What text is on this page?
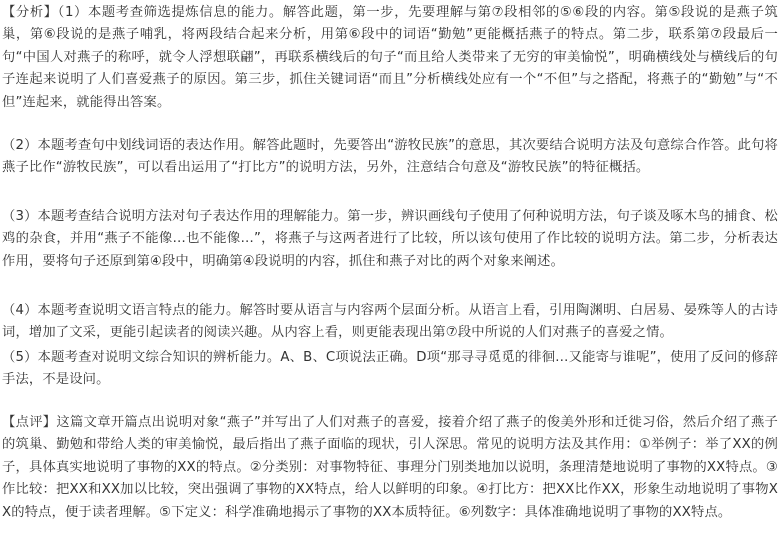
【分析】（1）本题考查筛选提炼信息的能力。解答此题，第一步，先要理解与第⑦段相邻的⑤⑥段的内容。第⑤段说的是燕子筑巢，第⑥段说的是燕子哺乳，将两段结合起来分析，用第⑥段中的词语“勤勉”更能概括燕子的特点。第二步，联系第⑦段最后一句“中国人对燕子的称呼，就令人浮想联翩”，再联系横线后的句子“而且给人类带来了无穷的审美愉悦”，明确横线处与横线后的句子连起来说明了人们喜爱燕子的原因。第三步，抓住关键词语“而且”分析横线处应有一个“不但”与之搭配，将燕子的“勤勉”与“不但”连起来，就能得出答案。

（2）本题考查句中划线词语的表达作用。解答此题时，先要答出“游牧民族”的意思，其次要结合说明方法及句意综合作答。此句将燕子比作“游牧民族”，可以看出运用了“打比方”的说明方法，另外，注意结合句意及“游牧民族”的特征概括。

（3）本题考查结合说明方法对句子表达作用的理解能力。第一步，辨识画线句子使用了何种说明方法，句子谈及啄木鸟的捕食、松鸡的杂食，并用“燕子不能像…也不能像…”，将燕子与这两者进行了比较，所以该句使用了作比较的说明方法。第二步，分析表达作用，要将句子还原到第④段中，明确第④段说明的内容，抓住和燕子对比的两个对象来阐述。

（4）本题考查说明文语言特点的能力。解答时要从语言与内容两个层面分析。从语言上看，引用陶渊明、白居易、晏殊等人的古诗词，增加了文采，更能引起读者的阅读兴趣。从内容上看，则更能表现出第⑦段中所说的人们对燕子的喜爱之情。

（5）本题考查对说明文综合知识的辨析能力。A、B、C项说法正确。D项“那寻寻觅觅的徘徊…又能寄与谁呢”，使用了反问的修辞手法，不是设问。

【点评】这篇文章开篇点出说明对象“燕子”并写出了人们对燕子的喜爱，接着介绍了燕子的俊美外形和迁徙习俗，然后介绍了燕子的筑巢、勤勉和带给人类的审美愉悦，最后指出了燕子面临的现状，引人深思。常见的说明方法及其作用：①举例子：举了XX的例子，具体真实地说明了事物的XX的特点。②分类别：对事物特征、事理分门别类地加以说明，条理清楚地说明了事物的XX特点。③作比较：把XX和XX加以比较，突出强调了事物的XX特点，给人以鲜明的印象。④打比方：把XX比作XX，形象生动地说明了事物XX的特点，便于读者理解。⑤下定义：科学准确地揭示了事物的XX本质特征。⑥列数字：具体准确地说明了事物的XX特点。
